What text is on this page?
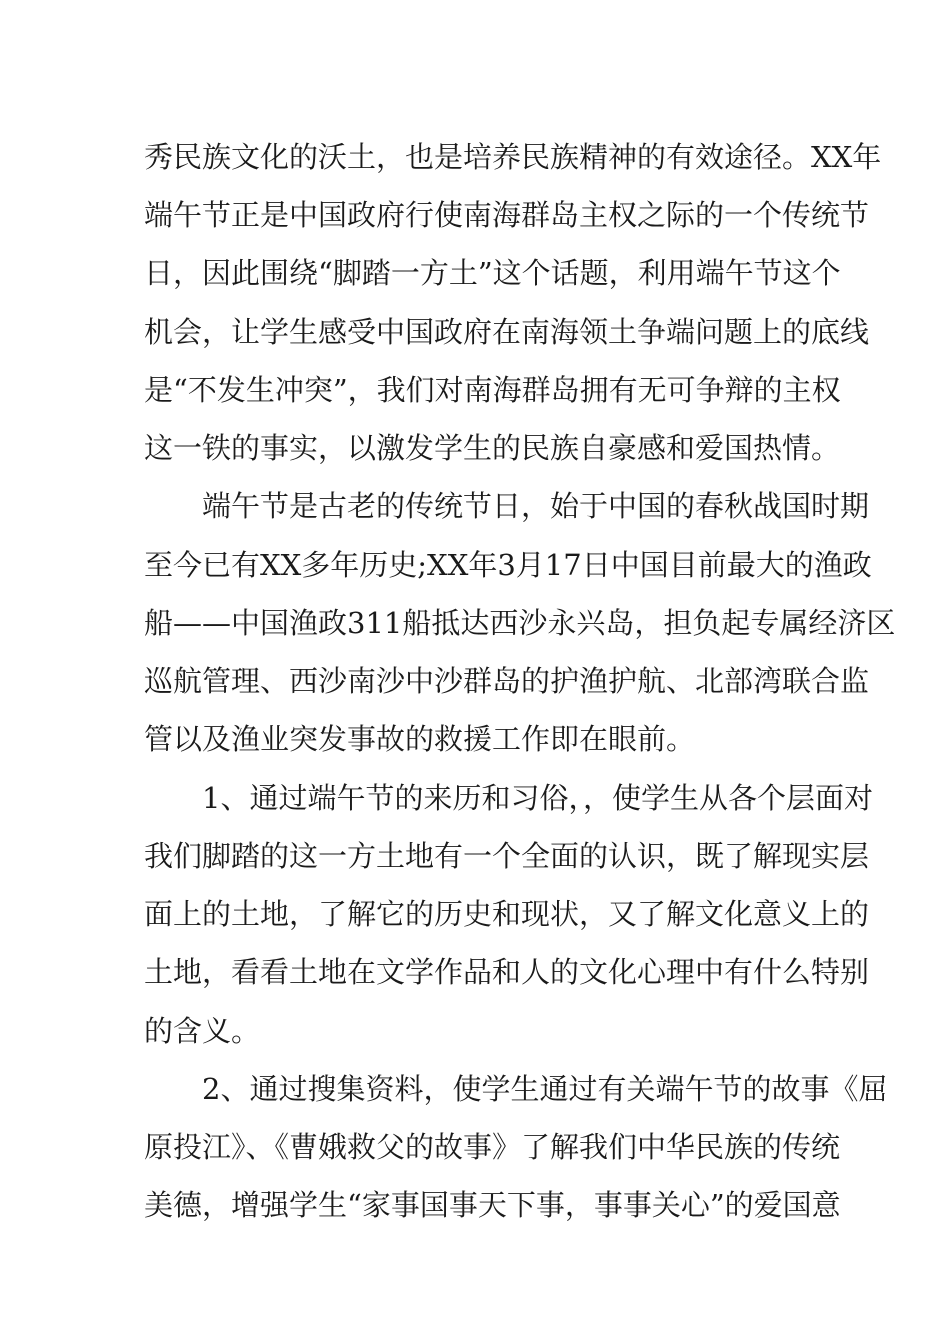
秀民族文化的沃土，也是培养民族精神的有效途径。XX年
端午节正是中国政府行使南海群岛主权之际的一个传统节
日，因此围绕“脚踏一方土”这个话题，利用端午节这个
机会，让学生感受中国政府在南海领土争端问题上的底线
是“不发生冲突”，我们对南海群岛拥有无可争辩的主权
这一铁的事实，以激发学生的民族自豪感和爱国热情。
端午节是古老的传统节日，始于中国的春秋战国时期
至今已有XX多年历史;XX年3月17日中国目前最大的渔政
船——中国渔政311船抵达西沙永兴岛，担负起专属经济区
巡航管理、西沙南沙中沙群岛的护渔护航、北部湾联合监
管以及渔业突发事故的救援工作即在眼前。
1、通过端午节的来历和习俗，，使学生从各个层面对
我们脚踏的这一方土地有一个全面的认识，既了解现实层
面上的土地，了解它的历史和现状，又了解文化意义上的
土地，看看土地在文学作品和人的文化心理中有什么特别
的含义。
2、通过搜集资料，使学生通过有关端午节的故事《屈
原投江》、《曹娥救父的故事》了解我们中华民族的传统
美德，增强学生“家事国事天下事，事事关心”的爱国意
